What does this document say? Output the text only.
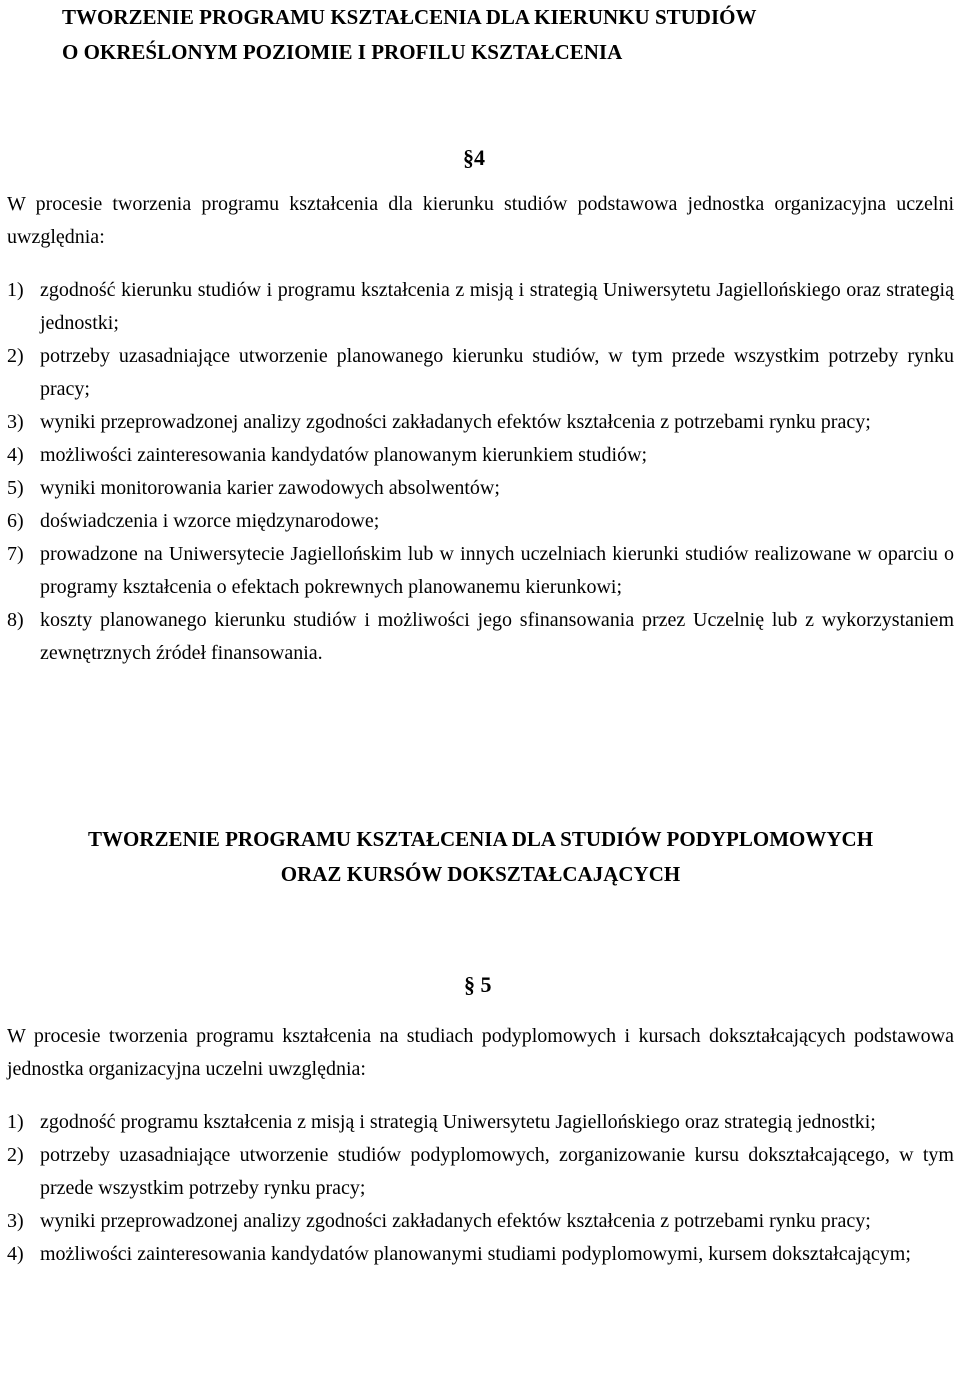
TWORZENIE PROGRAMU KSZTAŁCENIA DLA KIERUNKU STUDIÓW
O OKREŚLONYM POZIOMIE I PROFILU KSZTAŁCENIA
§4

W procesie tworzenia programu kształcenia dla kierunku studiów podstawowa jednostka organizacyjna uczelni uwzględnia:

1) zgodność kierunku studiów i programu kształcenia z misją i strategią Uniwersytetu Jagiellońskiego oraz strategią jednostki;
2) potrzeby uzasadniające utworzenie planowanego kierunku studiów, w tym przede wszystkim potrzeby rynku pracy;
3) wyniki przeprowadzonej analizy zgodności zakładanych efektów kształcenia z potrzebami rynku pracy;
4) możliwości zainteresowania kandydatów planowanym kierunkiem studiów;
5) wyniki monitorowania karier zawodowych absolwentów;
6) doświadczenia i wzorce międzynarodowe;
7) prowadzone na Uniwersytecie Jagiellońskim lub w innych uczelniach kierunki studiów realizowane w oparciu o programy kształcenia o efektach pokrewnych planowanemu kierunkowi;
8) koszty planowanego kierunku studiów i możliwości jego sfinansowania przez Uczelnię lub z wykorzystaniem zewnętrznych źródeł finansowania.
TWORZENIE PROGRAMU KSZTAŁCENIA DLA STUDIÓW PODYPLOMOWYCH
ORAZ KURSÓW DOKSZTAŁCAJĄCYCH
§ 5

W procesie tworzenia programu kształcenia na studiach podyplomowych i kursach dokształcających podstawowa jednostka organizacyjna uczelni uwzględnia:

1) zgodność programu kształcenia z misją i strategią Uniwersytetu Jagiellońskiego oraz strategią jednostki;
2) potrzeby uzasadniające utworzenie studiów podyplomowych, zorganizowanie kursu dokształcającego, w tym przede wszystkim potrzeby rynku pracy;
3) wyniki przeprowadzonej analizy zgodności zakładanych efektów kształcenia z potrzebami rynku pracy;
4) możliwości zainteresowania kandydatów planowanymi studiami podyplomowymi, kursem dokształcającym;
